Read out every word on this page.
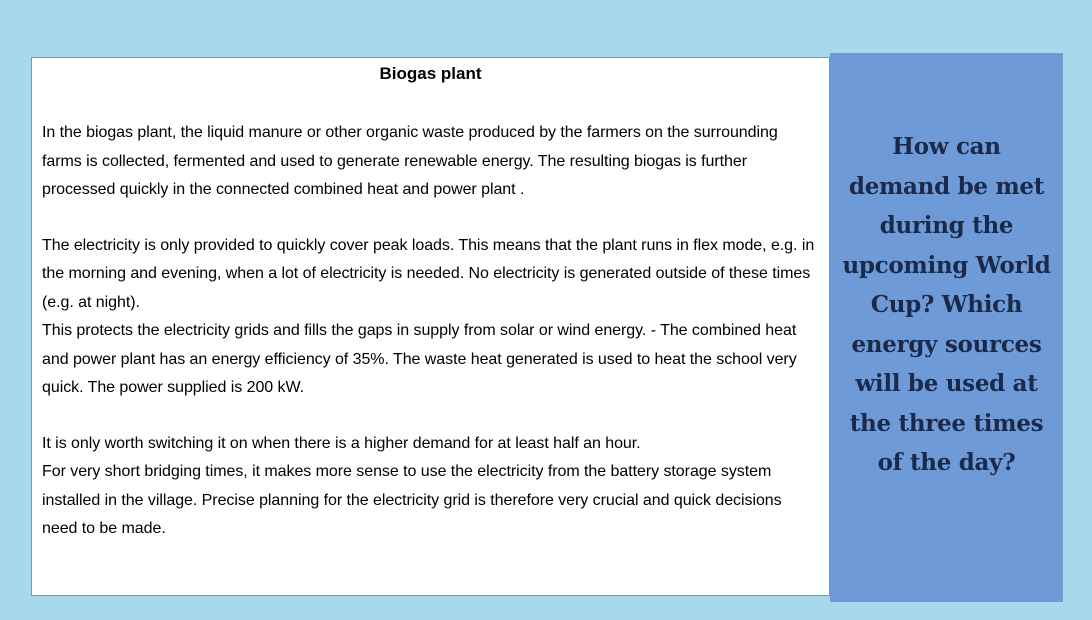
Biogas plant

In the biogas plant, the liquid manure or other organic waste produced by the farmers on the surrounding farms is collected, fermented and used to generate renewable energy. The resulting biogas is further processed quickly in the connected combined heat and power plant .

The electricity is only provided to quickly cover peak loads. This means that the plant runs in flex mode, e.g. in the morning and evening, when a lot of electricity is needed. No electricity is generated outside of these times (e.g. at night).

This protects the electricity grids and fills the gaps in supply from solar or wind energy. - The combined heat and power plant has an energy efficiency of 35%. The waste heat generated is used to heat the school very quick. The power supplied is 200 kW.

It is only worth switching it on when there is a higher demand for at least half an hour.

For very short bridging times, it makes more sense to use the electricity from the battery storage system installed in the village. Precise planning for the electricity grid is therefore very crucial and quick decisions need to be made.

How can demand be met during the upcoming World Cup? Which energy sources will be used at the three times of the day?
